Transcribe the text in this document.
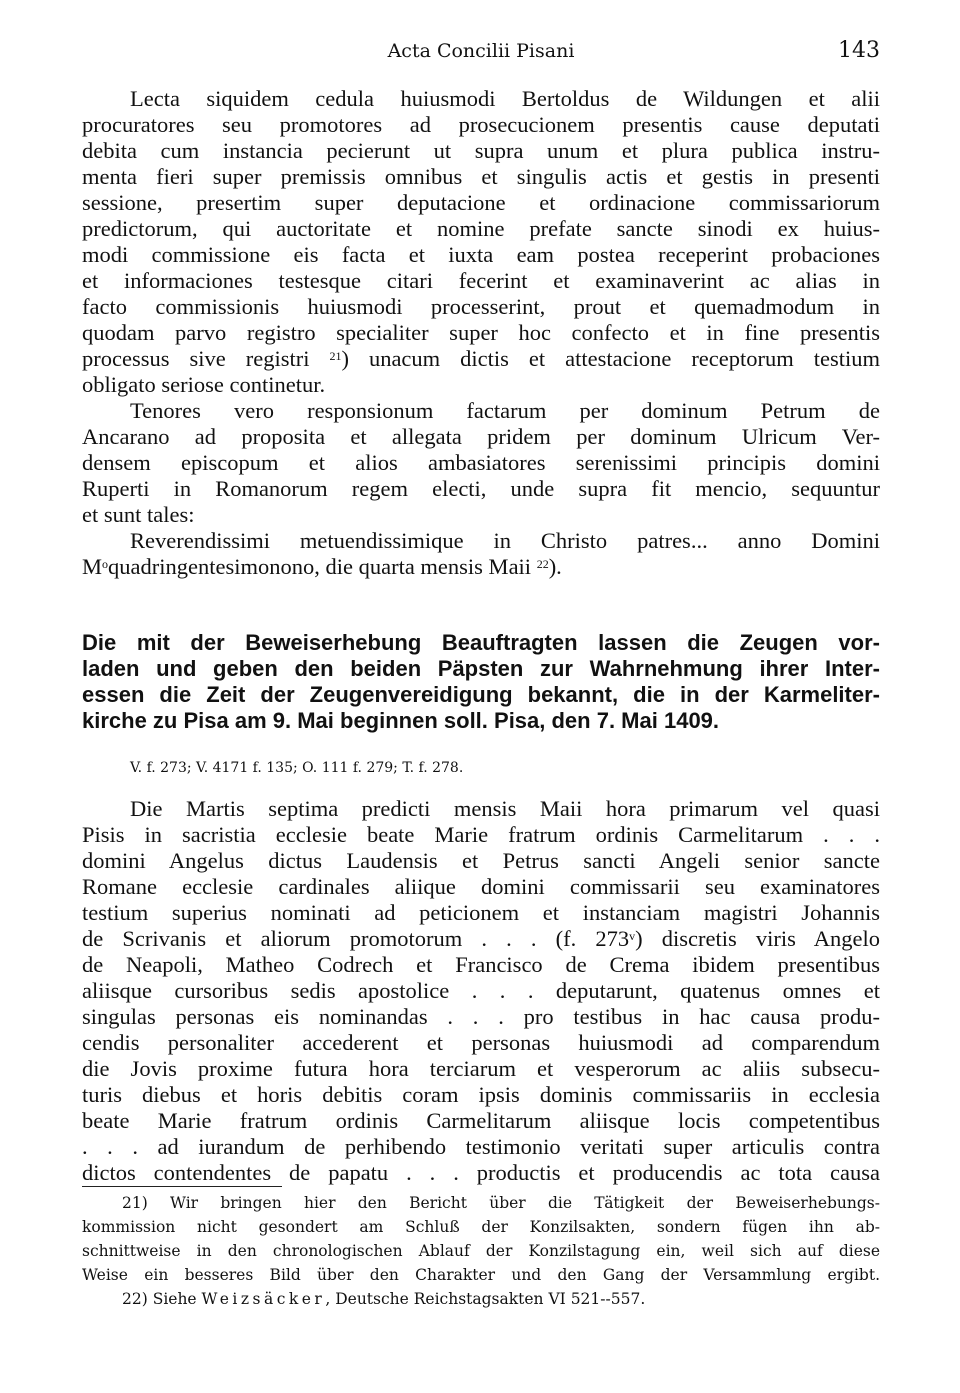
Acta Concilii Pisani	143
Lecta siquidem cedula huiusmodi Bertoldus de Wildungen et alii
procuratores seu promotores ad prosecucionem presentis cause deputati
debita cum instancia pecierunt ut supra unum et plura publica instru-
menta fieri super premissis omnibus et singulis actis et gestis in presenti
sessione, presertim super deputacione et ordinacione commissariorum
predictorum, qui auctoritate et nomine prefate sancte sinodi ex huius-
modi commissione eis facta et iuxta eam postea receperint probaciones
et informaciones testesque citari fecerint et examinaverint ac alias in
facto commissionis huiusmodi processerint, prout et quemadmodum in
quodam parvo registro specialiter super hoc confecto et in fine presentis
processus sive registri $^{21}$) unacum dictis et attestacione receptorum testium
obligato seriose continetur.
Tenores vero responsionum factarum per dominum Petrum de
Ancarano ad proposita et allegata pridem per dominum Ulricum Ver-
densem episcopum et alios ambasiatores serenissimi principis domini
Ruperti in Romanorum regem electi, unde supra fit mencio, sequuntur
et sunt tales:
Reverendissimi metuendissimique in Christo patres... anno Domini
$M^oquadringentesimonono$, die quarta mensis Maii $^{22}$).
Die mit der Beweiserhebung Beauftragten lassen die Zeugen vor-
laden und geben den beiden Päpsten zur Wahrnehmung ihrer Inter-
essen die Zeit der Zeugenvereidigung bekannt, die in der Karmeliter-
kirche zu Pisa am 9. Mai beginnen soll. Pisa, den 7. Mai 1409.
V. f. 273; V. 4171 f. 135; O. 111 f. 279; T. f. 278.
Die Martis septima predicti mensis Maii hora primarum vel quasi
Pisis in sacristia ecclesie beate Marie fratrum ordinis Carmelitarum . . .
domini Angelus dictus Laudensis et Petrus sancti Angeli senior sancte
Romane ecclesie cardinales aliique domini commissarii seu examinatores
testium superius nominati ad peticionem et instanciam magistri Johannis
de Scrivanis et aliorum promotorum . . . (f. 273$^v$) discretis viris Angelo
de Neapoli, Matheo Codrech et Francisco de Crema ibidem presentibus
aliisque cursoribus sedis apostolice . . . deputarunt, quatenus omnes et
singulas personas eis nominandas . . . pro testibus in hac causa produ-
cendis personaliter accederent et personas huiusmodi ad comparendum
die Jovis proxime futura hora terciarum et vesperorum ac aliis subsecu-
turis diebus et horis debitis coram ipsis dominis commissariis in ecclesia
beate Marie fratrum ordinis Carmelitarum aliisque locis competentibus
. . . ad iurandum de perhibendo testimonio veritati super articulis contra
dictos contendentes de papatu . . . productis et producendis ac tota causa
21) Wir bringen hier den Bericht über die Tätigkeit der Beweiserhebungs-
kommission nicht gesondert am Schluß der Konzilsakten, sondern fügen ihn ab-
schnittweise in den chronologischen Ablauf der Konzilstagung ein, weil sich auf diese
Weise ein besseres Bild über den Charakter und den Gang der Versammlung ergibt.
22) Siehe Weizsäcker, Deutsche Reichstagsakten VI 521--557.
